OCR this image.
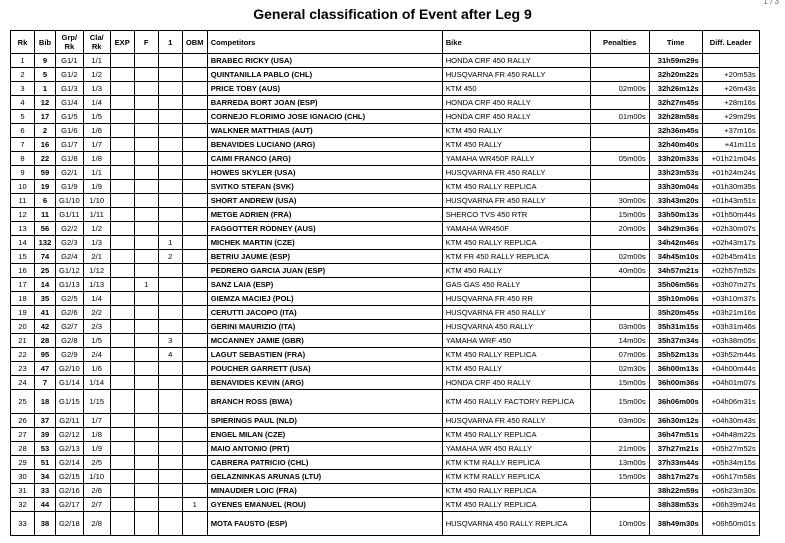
1 / 3
General classification of Event after Leg 9
Rk	Bib	Grp/ Rk	Cla/ Rk	EXP	F	1	OBM	Competitors	Bike	Penalties	Time	Diff. Leader
1	9	G1/1	1/1					BRABEC RICKY (USA)	HONDA CRF 450 RALLY		31h59m29s	
2	5	G1/2	1/2					QUINTANILLA PABLO (CHL)	HUSQVARNA FR 450 RALLY		32h20m22s	+20m53s
3	1	G1/3	1/3					PRICE TOBY (AUS)	KTM 450	02m00s	32h26m12s	+26m43s
4	12	G1/4	1/4					BARREDA BORT JOAN (ESP)	HONDA CRF 450 RALLY		32h27m45s	+28m16s
5	17	G1/5	1/5					CORNEJO FLORIMO JOSE IGNACIO (CHL)	HONDA CRF 450 RALLY	01m00s	32h28m58s	+29m29s
6	2	G1/6	1/6					WALKNER MATTHIAS (AUT)	KTM 450 RALLY		32h36m45s	+37m16s
7	16	G1/7	1/7					BENAVIDES LUCIANO (ARG)	KTM 450 RALLY		32h40m40s	+41m11s
8	22	G1/8	1/8					CAIMI FRANCO (ARG)	YAMAHA WR450F RALLY	05m00s	33h20m33s	+01h21m04s
9	59	G2/1	1/1					HOWES SKYLER (USA)	HUSQVARNA FR 450 RALLY		33h23m53s	+01h24m24s
10	19	G1/9	1/9					SVITKO STEFAN (SVK)	KTM 450 RALLY REPLICA		33h30m04s	+01h30m35s
11	6	G1/10	1/10					SHORT ANDREW (USA)	HUSQVARNA FR 450 RALLY	30m00s	33h43m20s	+01h43m51s
12	11	G1/11	1/11					METGE ADRIEN (FRA)	SHERCO TVS 450 RTR	15m00s	33h50m13s	+01h50m44s
13	56	G2/2	1/2					FAGGOTTER RODNEY (AUS)	YAMAHA WR450F	20m00s	34h29m36s	+02h30m07s
14	132	G2/3	1/3			1		MICHEK MARTIN (CZE)	KTM 450 RALLY REPLICA		34h42m46s	+02h43m17s
15	74	G2/4	2/1			2		BETRIU JAUME (ESP)	KTM FR 450 RALLY REPLICA	02m00s	34h45m10s	+02h45m41s
16	25	G1/12	1/12					PEDRERO GARCIA JUAN (ESP)	KTM 450 RALLY	40m00s	34h57m21s	+02h57m52s
17	14	G1/13	1/13		1			SANZ LAIA (ESP)	GAS GAS 450 RALLY		35h06m56s	+03h07m27s
18	35	G2/5	1/4					GIEMZA MACIEJ (POL)	HUSQVARNA FR 450 RR		35h10m06s	+03h10m37s
19	41	G2/6	2/2					CERUTTI JACOPO (ITA)	HUSQVARNA FR 450 RALLY		35h20m45s	+03h21m16s
20	42	G2/7	2/3					GERINI MAURIZIO (ITA)	HUSQVARNA 450 RALLY	03m00s	35h31m15s	+03h31m46s
21	28	G2/8	1/5			3		MCCANNEY JAMIE (GBR)	YAMAHA WRF 450	14m00s	35h37m34s	+03h38m05s
22	95	G2/9	2/4			4		LAGUT SEBASTIEN (FRA)	KTM 450 RALLY REPLICA	07m00s	35h52m13s	+03h52m44s
23	47	G2/10	1/6					POUCHER GARRETT (USA)	KTM 450 RALLY	02m30s	36h00m13s	+04h00m44s
24	7	G1/14	1/14					BENAVIDES KEVIN (ARG)	HONDA CRF 450 RALLY	15m00s	36h00m36s	+04h01m07s
25	18	G1/15	1/15					BRANCH ROSS (BWA)	KTM 450 RALLY FACTORY REPLICA	15m00s	36h06m00s	+04h06m31s
26	37	G2/11	1/7					SPIERINGS PAUL (NLD)	HUSQVARNA FR 450 RALLY	03m00s	36h30m12s	+04h30m43s
27	39	G2/12	1/8					ENGEL MILAN (CZE)	KTM 450 RALLY REPLICA		36h47m51s	+04h48m22s
28	53	G2/13	1/9					MAIO ANTONIO (PRT)	YAMAHA WR 450 RALLY	21m00s	37h27m21s	+05h27m52s
29	51	G2/14	2/5					CABRERA PATRICIO (CHL)	KTM KTM RALLY REPLICA	13m00s	37h33m44s	+05h34m15s
30	34	G2/15	1/10					GELAZNINKAS ARUNAS (LTU)	KTM KTM RALLY REPLICA	15m00s	38h17m27s	+06h17m58s
31	33	G2/16	2/6					MINAUDIER LOIC (FRA)	KTM 450 RALLY REPLICA		38h22m59s	+06h23m30s
32	44	G2/17	2/7				1	GYENES EMANUEL (ROU)	KTM 450 RALLY REPLICA		38h38m53s	+06h39m24s
33	38	G2/18	2/8					MOTA FAUSTO (ESP)	HUSQVARNA 450 RALLY REPLICA	10m00s	38h49m30s	+06h50m01s
